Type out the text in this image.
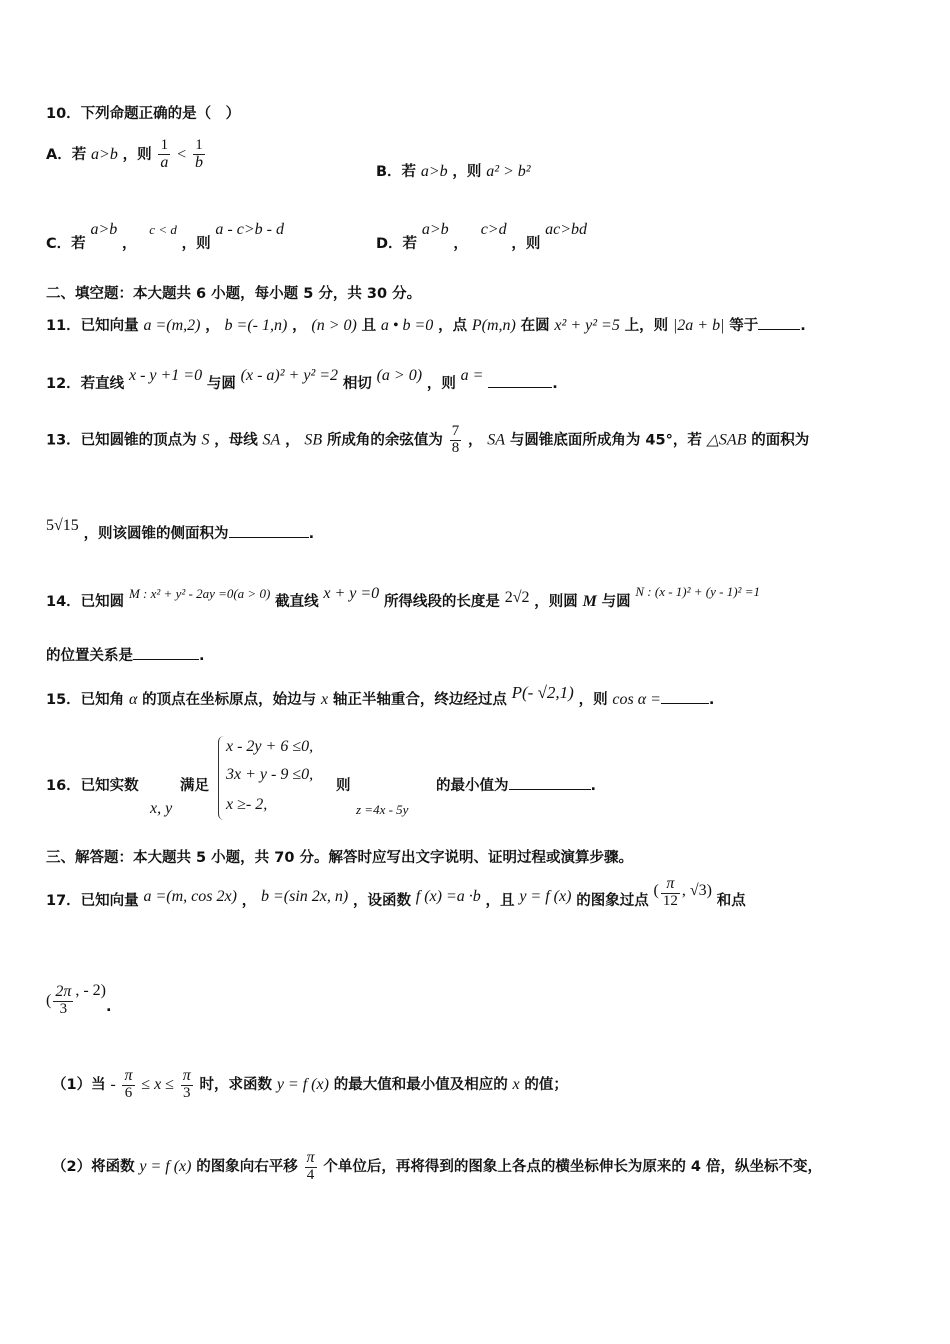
10．下列命题正确的是（　）
A．若 a>b ，则 $\frac{1}{a} < \frac{1}{b}$
B．若 a>b ，则 a² > b²
C．若 a>b ， c < d ，则 a - c>b - d
D．若 a>b ， c>d ，则 ac>bd
二、填空题：本大题共 6 小题，每小题 5 分，共 30 分。
11．已知向量 a =(m,2) ， b =(- 1,n) ， (n > 0) 且 a • b =0 ，点 P(m,n) 在圆 x² + y² =5 上，则 |2a + b| 等于	.
12．若直线 x - y +1 =0 与圆 (x - a)² + y² =2 相切 (a > 0) ，则 a =	.
13．已知圆锥的顶点为 S ，母线 SA ， SB 所成角的余弦值为 $\frac{7}{8}$ ， SA 与圆锥底面所成角为 45°，若 △SAB 的面积为
5√15 ，则该圆锥的侧面积为	.
14．已知圆 M : x² + y² - 2ay =0(a > 0) 截直线 x + y =0 所得线段的长度是 2√2 ，则圆 M 与圆 N : (x - 1)² + (y - 1)² =1
的位置关系是	.
15．已知角 α 的顶点在坐标原点，始边与 x 轴正半轴重合，终边经过点 P(- √2,1) ，则 cos α =	.
16．已知实数
x, y
满足
x - 2y + 6 ≤0,
3x + y - 9 ≤0,
x ≥- 2,
则
z =4x - 5y
的最小值为	.
三、解答题：本大题共 5 小题，共 70 分。解答时应写出文字说明、证明过程或演算步骤。
17．已知向量 a =(m, cos 2x) ， b =(sin 2x, n) ，设函数 f (x) =a ·b ，且 y = f (x) 的图象过点 ( $\frac{\pi}{12}$ , √3) 和点
( $\frac{2\pi}{3}$ , - 2).
（1）当 - $\frac{\pi}{6} \le x \le \frac{\pi}{3}$ 时，求函数 y = f (x) 的最大值和最小值及相应的 x 的值；
（2）将函数 y = f (x) 的图象向右平移 $\frac{\pi}{4}$ 个单位后，再将得到的图象上各点的横坐标伸长为原来的 4 倍，纵坐标不变，
